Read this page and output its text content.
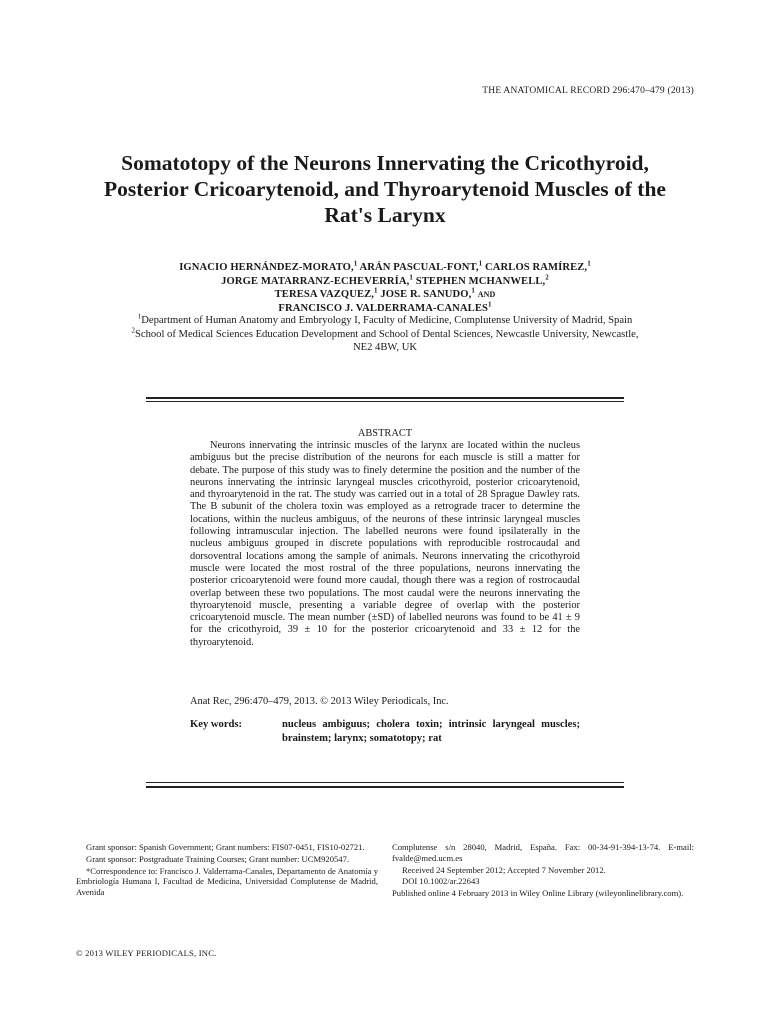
THE ANATOMICAL RECORD 296:470–479 (2013)
Somatotopy of the Neurons Innervating the Cricothyroid, Posterior Cricoarytenoid, and Thyroarytenoid Muscles of the Rat's Larynx
IGNACIO HERNÁNDEZ-MORATO,$^1$ ARÁN PASCUAL-FONT,$^1$ CARLOS RAMÍREZ,$^1$
JORGE MATARRANZ-ECHEVERRÍA,$^1$ STEPHEN MCHANWELL,$^2$
TERESA VAZQUEZ,$^1$ JOSE R. SANUDO,$^1$ AND
FRANCISCO J. VALDERRAMA-CANALES$^1$
$^1$Department of Human Anatomy and Embryology I, Faculty of Medicine, Complutense University of Madrid, Spain
$^2$School of Medical Sciences Education Development and School of Dental Sciences, Newcastle University, Newcastle, NE2 4BW, UK
ABSTRACT
Neurons innervating the intrinsic muscles of the larynx are located within the nucleus ambiguus but the precise distribution of the neurons for each muscle is still a matter for debate. The purpose of this study was to finely determine the position and the number of the neurons innervating the intrinsic laryngeal muscles cricothyroid, posterior cricoarytenoid, and thyroarytenoid in the rat. The study was carried out in a total of 28 Sprague Dawley rats. The B subunit of the cholera toxin was employed as a retrograde tracer to determine the locations, within the nucleus ambiguus, of the neurons of these intrinsic laryngeal muscles following intramuscular injection. The labelled neurons were found ipsilaterally in the nucleus ambiguus grouped in discrete populations with reproducible rostrocaudal and dorsoventral locations among the sample of animals. Neurons innervating the cricothyroid muscle were located the most rostral of the three populations, neurons innervating the posterior cricoarytenoid were found more caudal, though there was a region of rostrocaudal overlap between these two populations. The most caudal were the neurons innervating the thyroarytenoid muscle, presenting a variable degree of overlap with the posterior cricoarytenoid muscle. The mean number (±SD) of labelled neurons was found to be 41 ± 9 for the cricothyroid, 39 ± 10 for the posterior cricoarytenoid and 33 ± 12 for the thyroarytenoid.
Anat Rec, 296:470–479, 2013. © 2013 Wiley Periodicals, Inc.
Key words:	nucleus ambiguus; cholera toxin; intrinsic laryngeal muscles; brainstem; larynx; somatotopy; rat

Grant sponsor: Spanish Government; Grant numbers: FIS07-0451, FIS10-02721.

Grant sponsor: Postgraduate Training Courses; Grant number: UCM920547.

*Correspondence to: Francisco J. Valderrama-Canales, Departamento de Anatomía y Embriología Humana I, Facultad de Medicina, Universidad Complutense de Madrid, Avenida

Complutense s/n 28040, Madrid, España. Fax: 00-34-91-394-13-74. E-mail: fvalde@med.ucm.es

Received 24 September 2012; Accepted 7 November 2012.

DOI 10.1002/ar.22643

Published online 4 February 2013 in Wiley Online Library (wileyonlinelibrary.com).

© 2013 WILEY PERIODICALS, INC.
